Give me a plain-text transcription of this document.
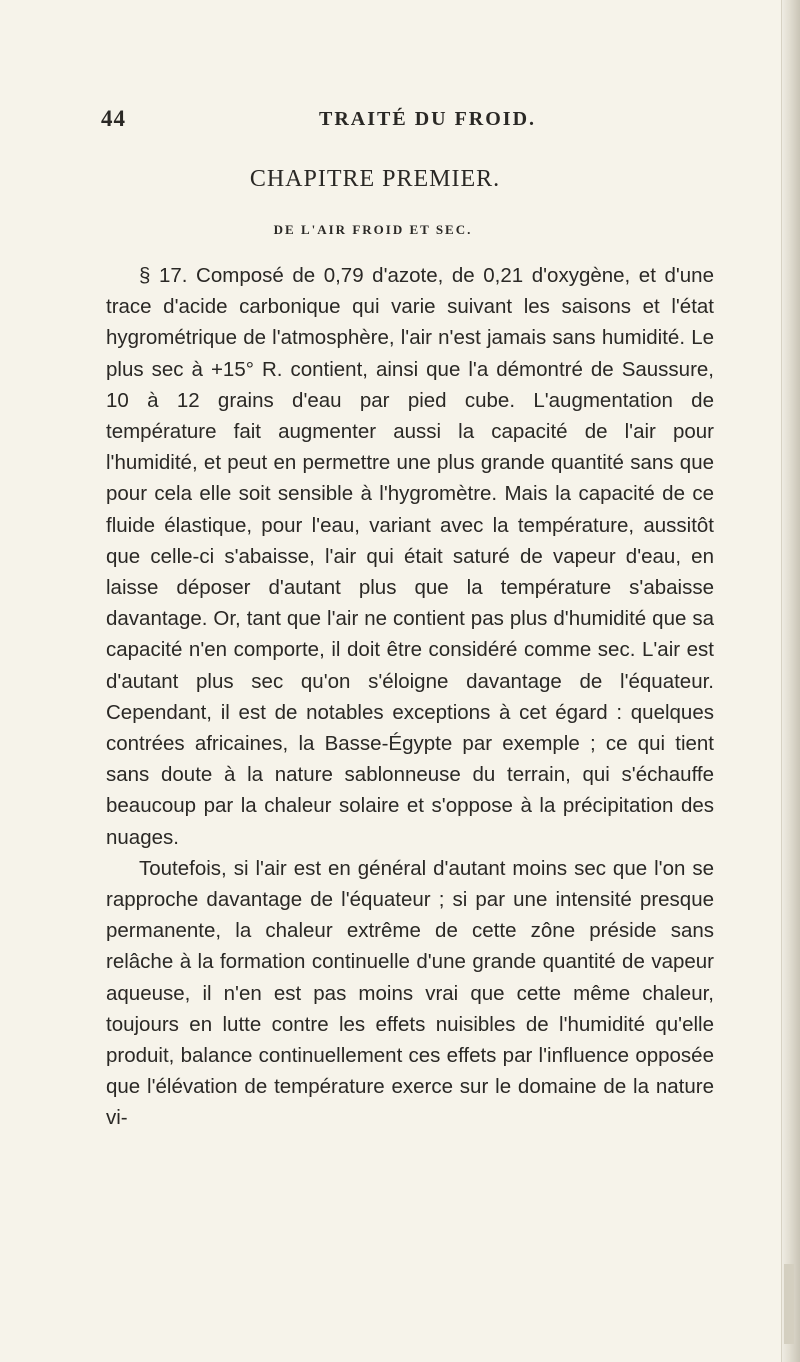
44	TRAITÉ DU FROID.
CHAPITRE PREMIER.
DE L'AIR FROID ET SEC.

§ 17. Composé de 0,79 d'azote, de 0,21 d'oxygène, et d'une trace d'acide carbonique qui varie suivant les saisons et l'état hygrométrique de l'atmosphère, l'air n'est jamais sans humidité. Le plus sec à +15° R. contient, ainsi que l'a démontré de Saussure, 10 à 12 grains d'eau par pied cube. L'augmentation de température fait augmenter aussi la capacité de l'air pour l'humidité, et peut en permettre une plus grande quantité sans que pour cela elle soit sensible à l'hygromètre. Mais la capacité de ce fluide élastique, pour l'eau, variant avec la température, aussitôt que celle-ci s'abaisse, l'air qui était saturé de vapeur d'eau, en laisse déposer d'autant plus que la température s'abaisse davantage. Or, tant que l'air ne contient pas plus d'humidité que sa capacité n'en comporte, il doit être considéré comme sec. L'air est d'autant plus sec qu'on s'éloigne davantage de l'équateur. Cependant, il est de notables exceptions à cet égard : quelques contrées africaines, la Basse-Égypte par exemple ; ce qui tient sans doute à la nature sablonneuse du terrain, qui s'échauffe beaucoup par la chaleur solaire et s'oppose à la précipitation des nuages.

Toutefois, si l'air est en général d'autant moins sec que l'on se rapproche davantage de l'équateur ; si par une intensité presque permanente, la chaleur extrême de cette zône préside sans relâche à la formation continuelle d'une grande quantité de vapeur aqueuse, il n'en est pas moins vrai que cette même chaleur, toujours en lutte contre les effets nuisibles de l'humidité qu'elle produit, balance continuellement ces effets par l'influence opposée que l'élévation de température exerce sur le domaine de la nature vi-
